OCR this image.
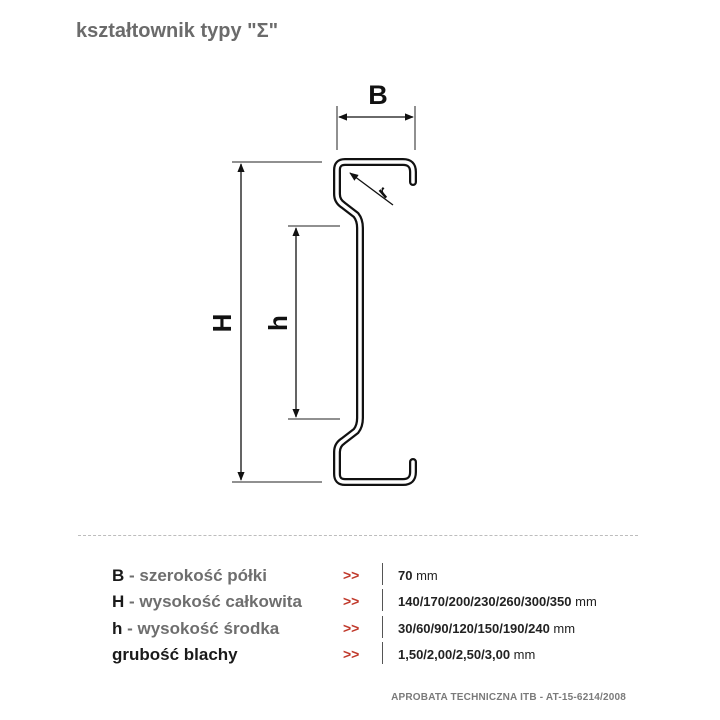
kształtownik typy "Σ"
B
H h
r
B - szerokość półki	>>	70 mm
H - wysokość całkowita	>>	140/170/200/230/260/300/350 mm
h - wysokość środka	>>	30/60/90/120/150/190/240 mm
grubość blachy	>>	1,50/2,00/2,50/3,00 mm
APROBATA TECHNICZNA ITB - AT-15-6214/2008
